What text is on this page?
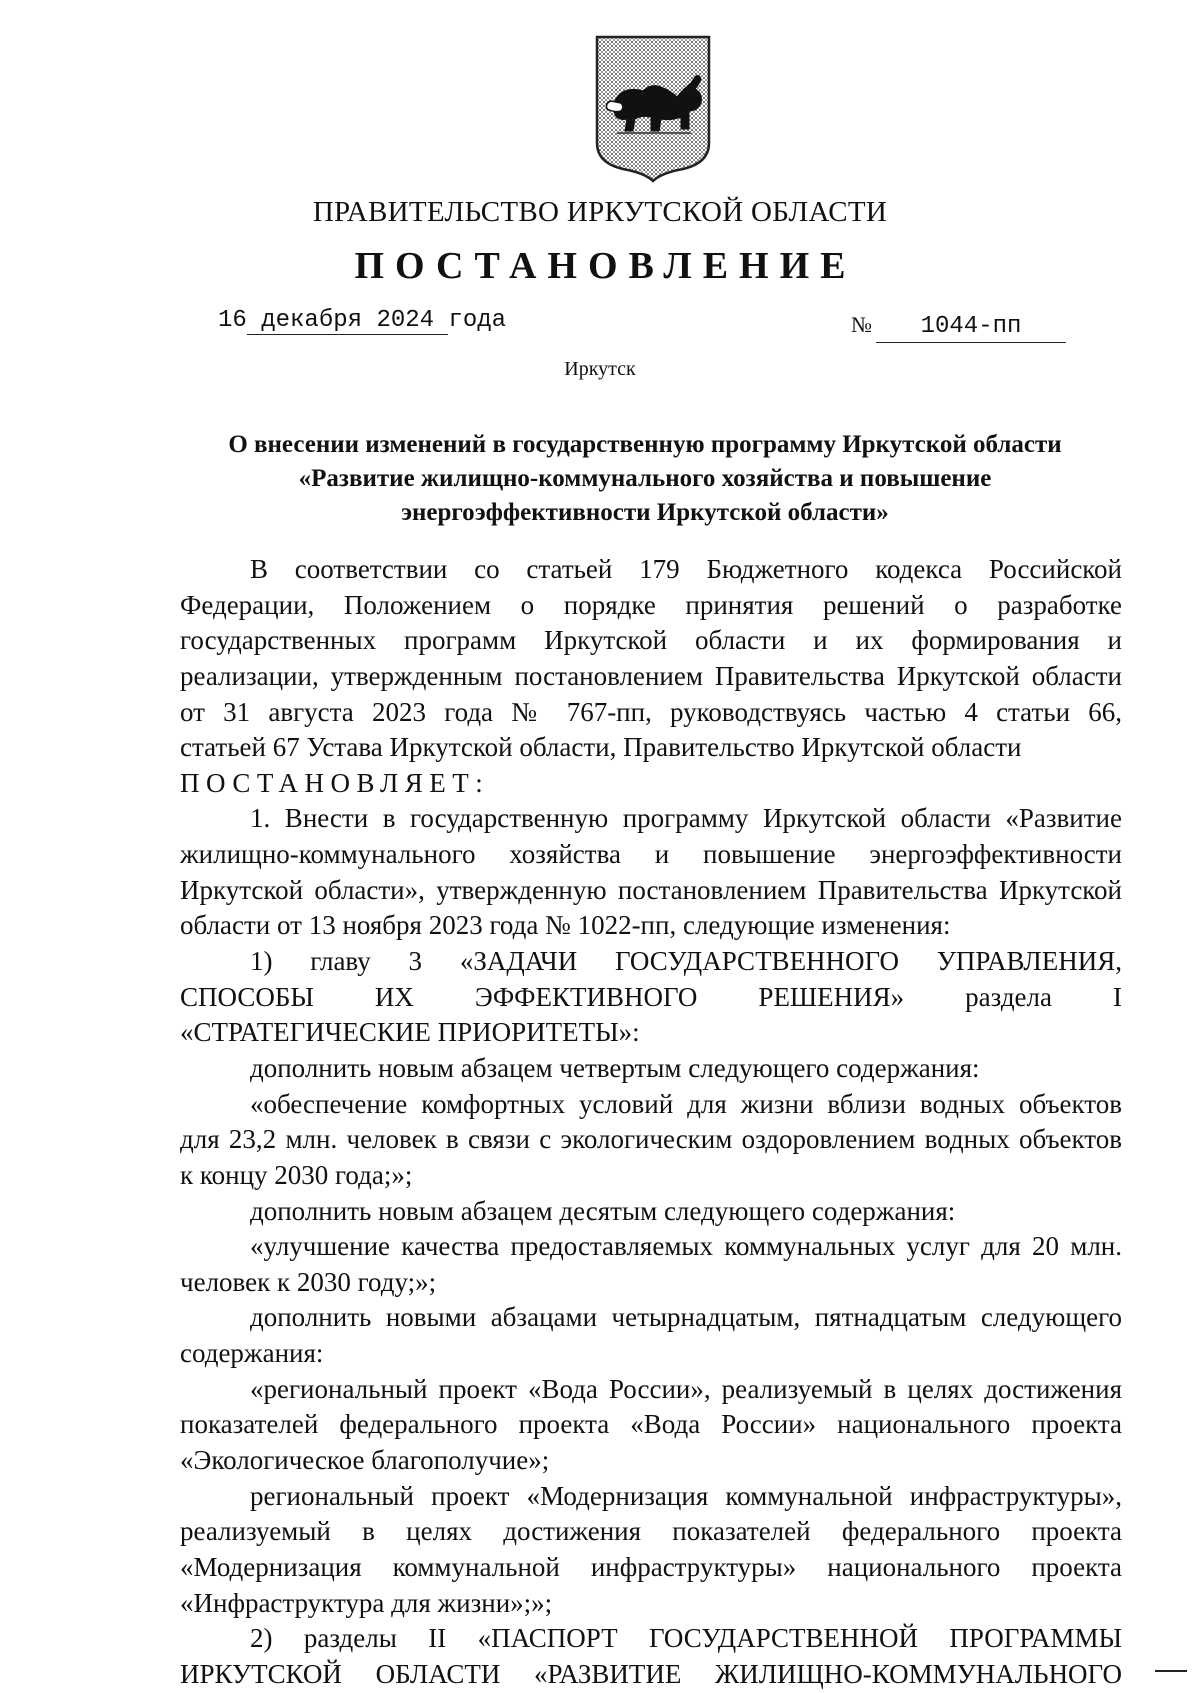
ПРАВИТЕЛЬСТВО ИРКУТСКОЙ ОБЛАСТИ
ПОСТАНОВЛЕНИЕ
16 декабря 2024 года	№ 1044-пп
Иркутск
О внесении изменений в государственную программу Иркутской области
«Развитие жилищно-коммунального хозяйства и повышение
энергоэффективности Иркутской области»
В соответствии со статьей 179 Бюджетного кодекса Российской
Федерации, Положением о порядке принятия решений о разработке
государственных программ Иркутской области и их формирования и
реализации, утвержденным постановлением Правительства Иркутской области
от 31 августа 2023 года № 767-пп, руководствуясь частью 4 статьи 66,
статьей 67 Устава Иркутской области, Правительство Иркутской области
ПОСТАНОВЛЯЕТ:
1. Внести в государственную программу Иркутской области «Развитие
жилищно-коммунального хозяйства и повышение энергоэффективности
Иркутской области», утвержденную постановлением Правительства Иркутской
области от 13 ноября 2023 года № 1022-пп, следующие изменения:
1) главу 3 «ЗАДАЧИ ГОСУДАРСТВЕННОГО УПРАВЛЕНИЯ,
СПОСОБЫ ИХ ЭФФЕКТИВНОГО РЕШЕНИЯ» раздела I
«СТРАТЕГИЧЕСКИЕ ПРИОРИТЕТЫ»:
дополнить новым абзацем четвертым следующего содержания:
«обеспечение комфортных условий для жизни вблизи водных объектов
для 23,2 млн. человек в связи с экологическим оздоровлением водных объектов
к концу 2030 года;»;
дополнить новым абзацем десятым следующего содержания:
«улучшение качества предоставляемых коммунальных услуг для 20 млн.
человек к 2030 году;»;
дополнить новыми абзацами четырнадцатым, пятнадцатым следующего
содержания:
«региональный проект «Вода России», реализуемый в целях достижения
показателей федерального проекта «Вода России» национального проекта
«Экологическое благополучие»;
региональный проект «Модернизация коммунальной инфраструктуры»,
реализуемый в целях достижения показателей федерального проекта
«Модернизация коммунальной инфраструктуры» национального проекта
«Инфраструктура для жизни»;»;
2) разделы II «ПАСПОРТ ГОСУДАРСТВЕННОЙ ПРОГРАММЫ
ИРКУТСКОЙ ОБЛАСТИ «РАЗВИТИЕ ЖИЛИЩНО-КОММУНАЛЬНОГО
